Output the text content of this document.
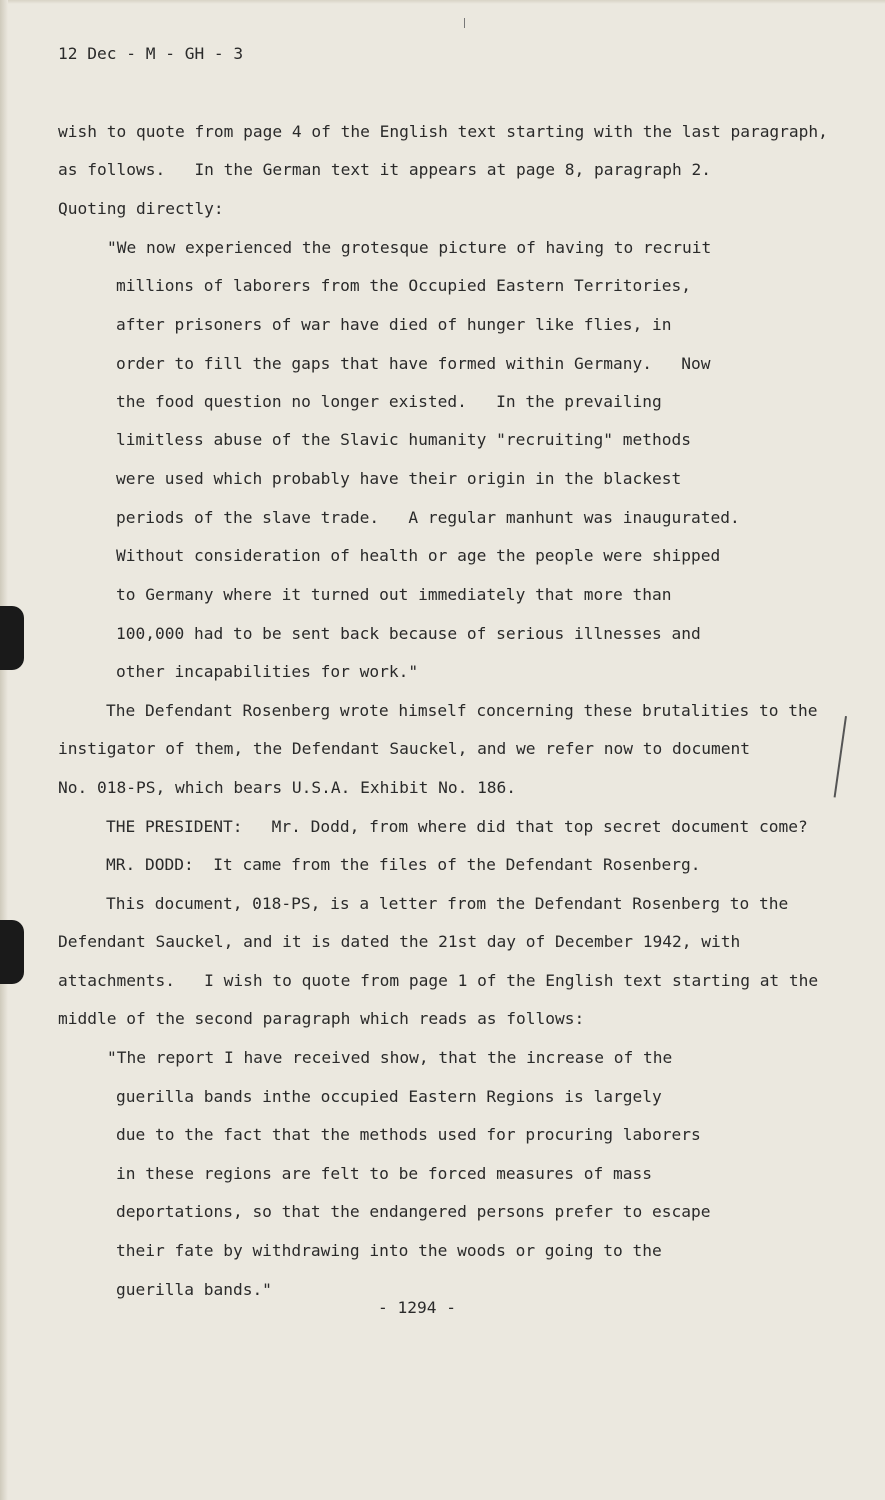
12 Dec - M - GH - 3
wish to quote from page 4 of the English text starting with the last paragraph,
as follows.   In the German text it appears at page 8, paragraph 2.
Quoting directly:
"We now experienced the grotesque picture of having to recruit
millions of laborers from the Occupied Eastern Territories,
after prisoners of war have died of hunger like flies, in
order to fill the gaps that have formed within Germany.   Now
the food question no longer existed.   In the prevailing
limitless abuse of the Slavic humanity "recruiting" methods
were used which probably have their origin in the blackest
periods of the slave trade.   A regular manhunt was inaugurated.
Without consideration of health or age the people were shipped
to Germany where it turned out immediately that more than
100,000 had to be sent back because of serious illnesses and
other incapabilities for work."
The Defendant Rosenberg wrote himself concerning these brutalities to the
instigator of them, the Defendant Sauckel, and we refer now to document
No. 018-PS, which bears U.S.A. Exhibit No. 186.
THE PRESIDENT:   Mr. Dodd, from where did that top secret document come?
MR. DODD:  It came from the files of the Defendant Rosenberg.
This document, 018-PS, is a letter from the Defendant Rosenberg to the
Defendant Sauckel, and it is dated the 21st day of December 1942, with
attachments.   I wish to quote from page 1 of the English text starting at the
middle of the second paragraph which reads as follows:
"The report I have received show, that the increase of the
guerilla bands inthe occupied Eastern Regions is largely
due to the fact that the methods used for procuring laborers
in these regions are felt to be forced measures of mass
deportations, so that the endangered persons prefer to escape
their fate by withdrawing into the woods or going to the
guerilla bands."
- 1294 -
